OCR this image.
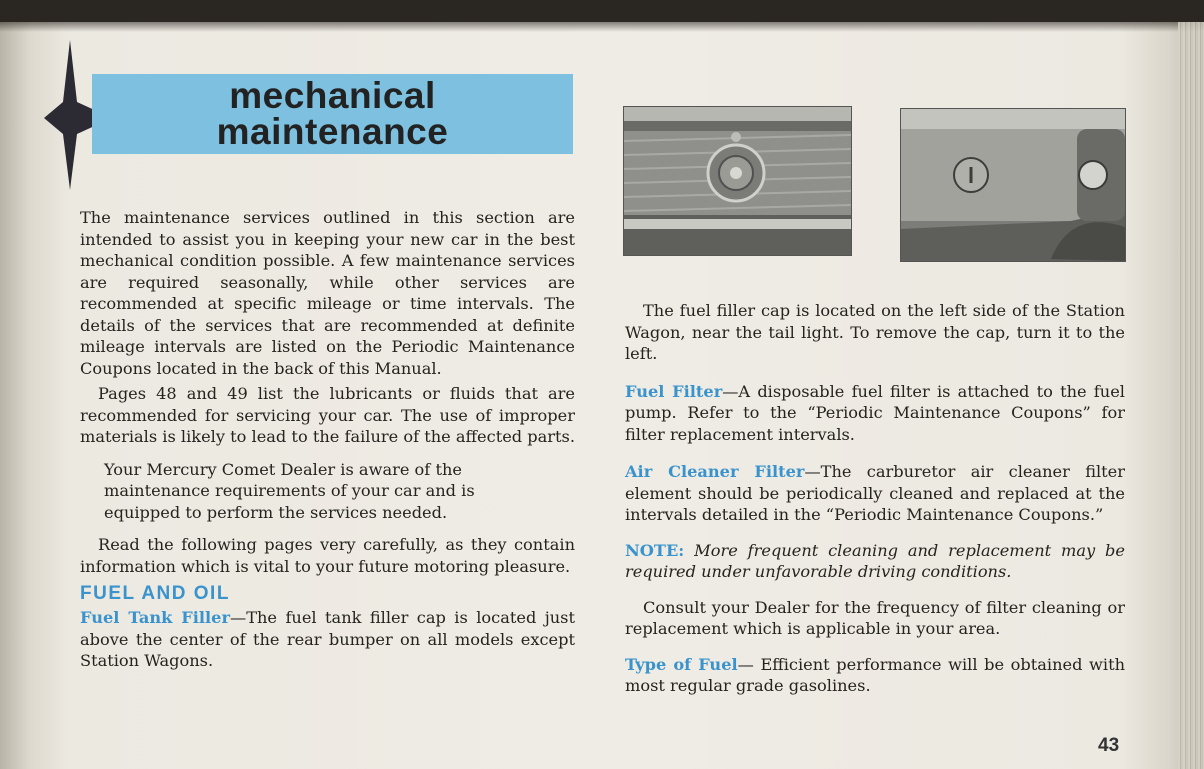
mechanical
maintenance

The maintenance services outlined in this section are intended to assist you in keeping your new car in the best mechanical condition possible. A few maintenance services are required seasonally, while other services are recommended at specific mileage or time intervals. The details of the services that are recommended at definite mileage intervals are listed on the Periodic Maintenance Coupons located in the back of this Manual.

Pages 48 and 49 list the lubricants or fluids that are recommended for servicing your car. The use of improper materials is likely to lead to the failure of the affected parts.

Your Mercury Comet Dealer is aware of the maintenance requirements of your car and is equipped to perform the services needed.

Read the following pages very carefully, as they contain information which is vital to your future motoring pleasure.

FUEL AND OIL

Fuel Tank Filler—The fuel tank filler cap is located just above the center of the rear bumper on all models except Station Wagons.

The fuel filler cap is located on the left side of the Station Wagon, near the tail light. To remove the cap, turn it to the left.

Fuel Filter—A disposable fuel filter is attached to the fuel pump. Refer to the “Periodic Maintenance Coupons” for filter replacement intervals.

Air Cleaner Filter—The carburetor air cleaner filter element should be periodically cleaned and replaced at the intervals detailed in the “Periodic Maintenance Coupons.”

NOTE: More frequent cleaning and replacement may be required under unfavorable driving conditions.

Consult your Dealer for the frequency of filter cleaning or replacement which is applicable in your area.

Type of Fuel— Efficient performance will be obtained with most regular grade gasolines.

43
